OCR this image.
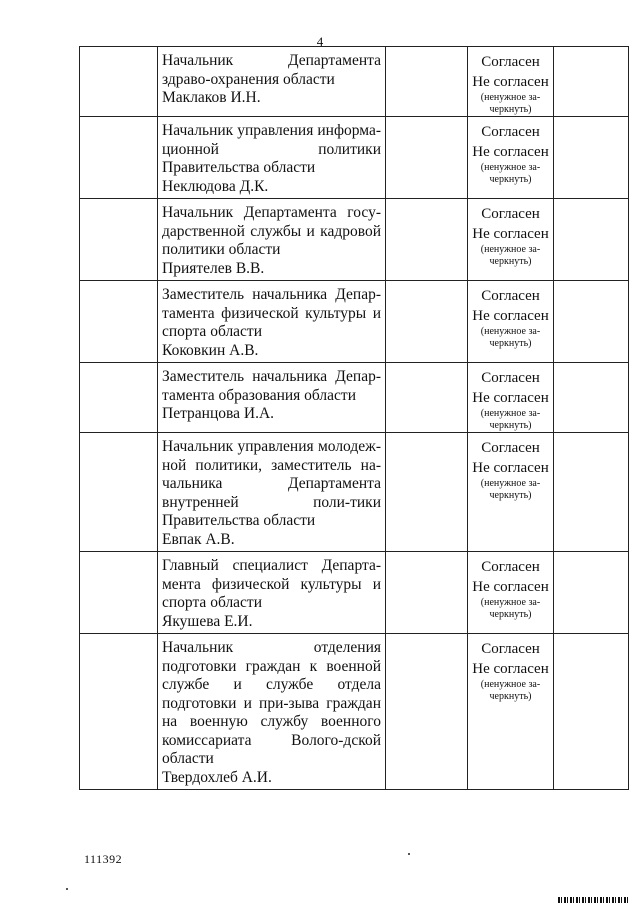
4

	Начальник Департамента здраво-охранения области
Маклаков И.Н.		Согласен
Не согласен
(ненужное за-черкнуть)	

	Начальник управления информа-ционной политики Правительства области
Неклюдова Д.К.		Согласен
Не согласен
(ненужное за-черкнуть)	

	Начальник Департамента госу-дарственной службы и кадровой политики области
Приятелев В.В.		Согласен
Не согласен
(ненужное за-черкнуть)	

	Заместитель начальника Депар-тамента физической культуры и спорта области
Коковкин А.В.		Согласен
Не согласен
(ненужное за-черкнуть)	

	Заместитель начальника Депар-тамента образования области
Петранцова И.А.		Согласен
Не согласен
(ненужное за-черкнуть)	

	Начальник управления молодеж-ной политики, заместитель на-чальника Департамента внутренней поли-тики Правительства области
Евпак А.В.		Согласен
Не согласен
(ненужное за-черкнуть)	

	Главный специалист Департа-мента физической культуры и спорта области
Якушева Е.И.		Согласен
Не согласен
(ненужное за-черкнуть)	

	Начальник отделения подготовки граждан к военной службе и службе отдела подготовки и при-зыва граждан на военную службу военного комиссариата Волого-дской области
Твердохлеб А.И.		Согласен
Не согласен
(ненужное за-черкнуть)	

111392
